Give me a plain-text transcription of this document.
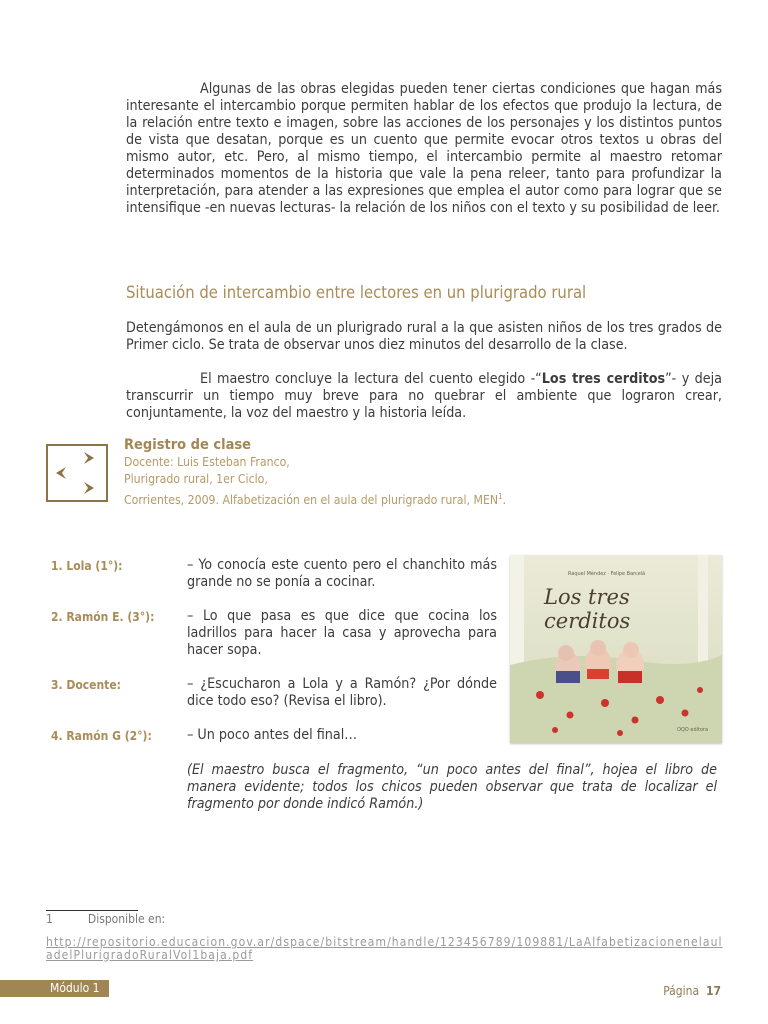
Algunas de las obras elegidas pueden tener ciertas condiciones que hagan más interesante el intercambio porque permiten hablar de los efectos que produjo la lectura, de la relación entre texto e imagen, sobre las acciones de los personajes y los distintos puntos de vista que desatan, porque es un cuento que permite evocar otros textos u obras del mismo autor, etc. Pero, al mismo tiempo, el intercambio permite al maestro retomar determinados momentos de la historia que vale la pena releer, tanto para profundizar la interpretación, para atender a las expresiones que emplea el autor como para lograr que se intensifique -en nuevas lecturas- la relación de los niños con el texto y su posibilidad de leer.
Situación de intercambio entre lectores en un plurigrado rural
Detengámonos en el aula de un plurigrado rural a la que asisten niños de los tres grados de Primer ciclo. Se trata de observar unos diez minutos del desarrollo de la clase.
El maestro concluye la lectura del cuento elegido -“Los tres cerditos”- y deja transcurrir un tiempo muy breve para no quebrar el ambiente que lograron crear, conjuntamente, la voz del maestro y la historia leída.
Registro de clase
Docente: Luis Esteban Franco,
Plurigrado rural, 1er Ciclo,
Corrientes, 2009. Alfabetización en el aula del plurigrado rural, MEN$^1$.
1. Lola (1°):	– Yo conocía este cuento pero el chanchito más grande no se ponía a cocinar.
2. Ramón E. (3°): – Lo que pasa es que dice que cocina los ladrillos para hacer la casa y aprovecha para hacer sopa.
3. Docente:	– ¿Escucharon a Lola y a Ramón? ¿Por dónde dice todo eso? (Revisa el libro).
4. Ramón G (2°): – Un poco antes del final…
(El maestro busca el fragmento, “un poco antes del final”, hojea el libro de manera evidente; todos los chicos pueden observar que trata de localizar el fragmento por donde indicó Ramón.)
Raquel Méndez · Felipe Barcelá
Los tres cerditos
OQO editora
1	Disponible en:
http://repositorio.educacion.gov.ar/dspace/bitstream/handle/123456789/109881/LaAlfabetizacionenelauladelPlurigradoRuralVol1baja.pdf
Módulo 1	Página 17
